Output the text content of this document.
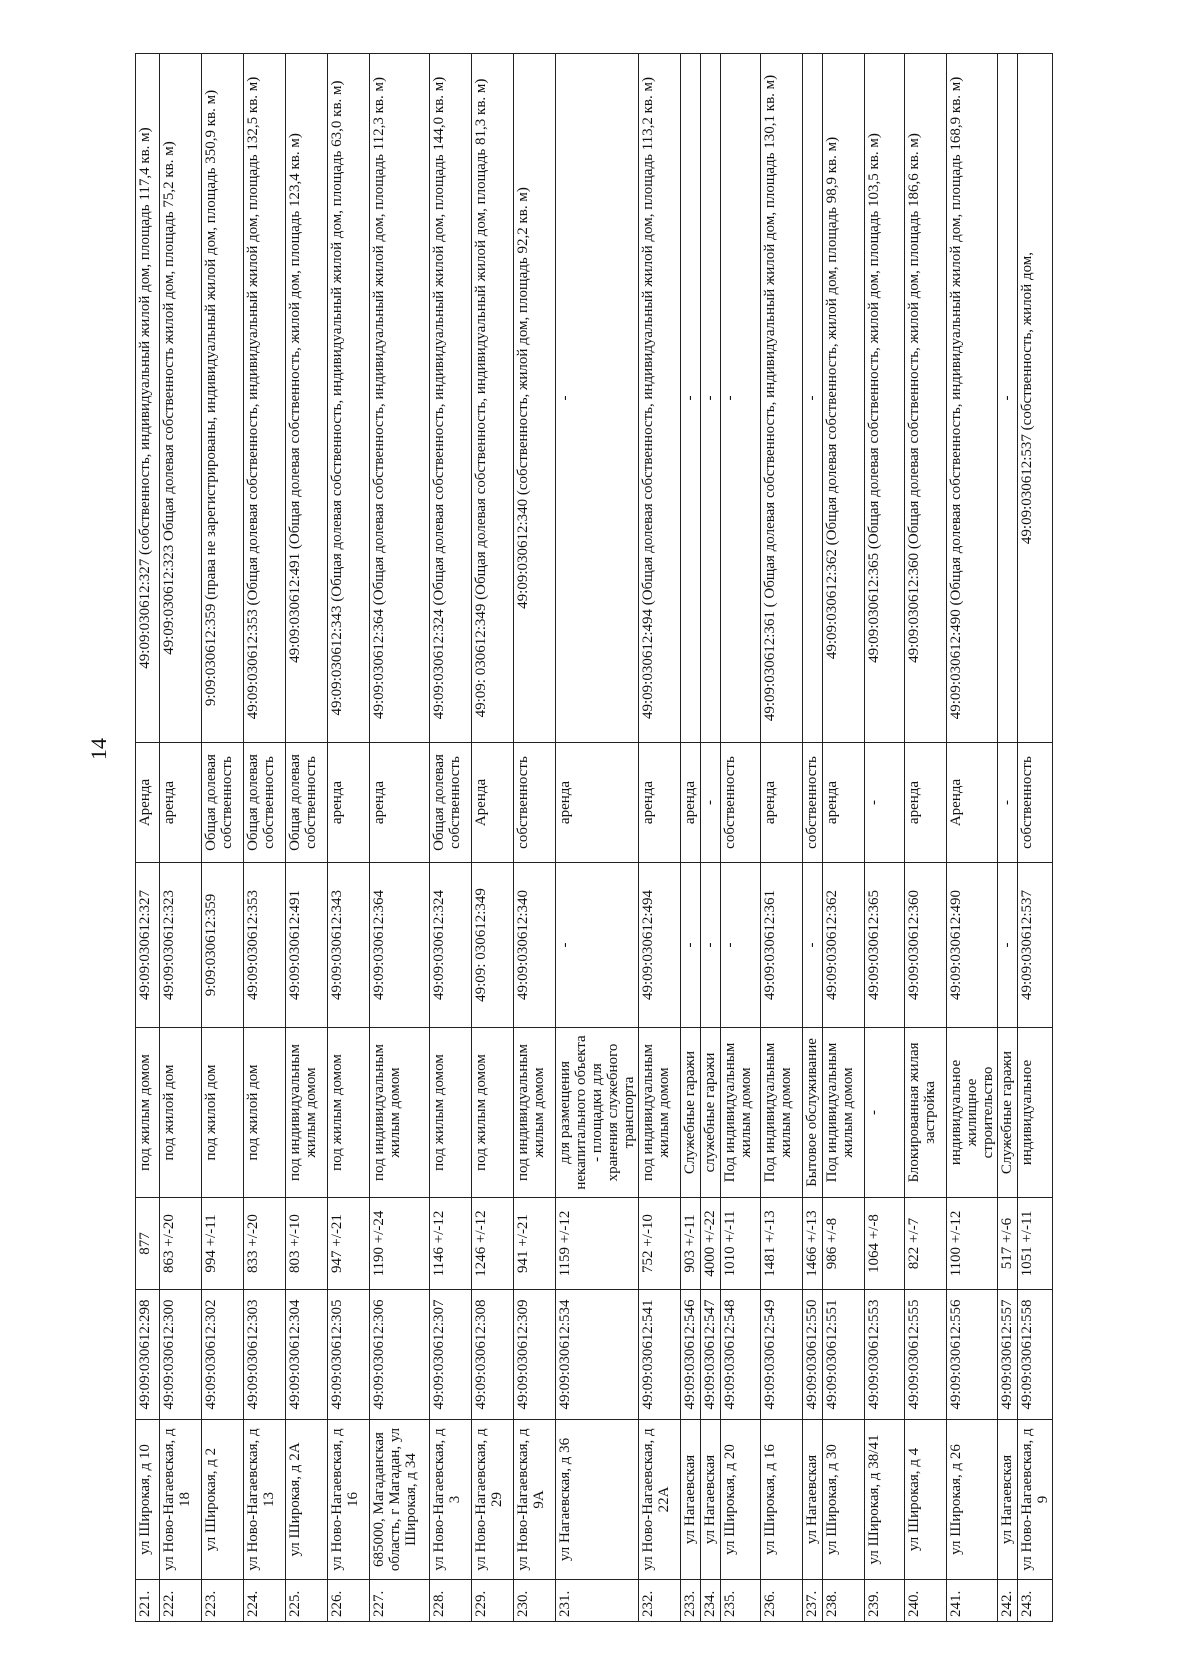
14
221.	ул Широкая, д 10	49:09:030612:298	877	под жилым домом	49:09:030612:327	Аренда	49:09:030612:327 (собственность, индивидуальный жилой дом, площадь 117,4 кв. м)
222.	ул Ново-Нагаевская, д 18	49:09:030612:300	863 +/-20	под жилой дом	49:09:030612:323	аренда	49:09:030612:323 Общая долевая собственность жилой дом, площадь 75,2 кв. м)
223.	ул Широкая, д 2	49:09:030612:302	994 +/-11	под жилой дом	9:09:030612:359	Общая долевая собственность	9:09:030612:359 (права не зарегистрированы, индивидуальный жилой дом, площадь 350,9 кв. м)
224.	ул Ново-Нагаевская, д 13	49:09:030612:303	833 +/-20	под жилой дом	49:09:030612:353	Общая долевая собственность	49:09:030612:353 (Общая долевая собственность, индивидуальный жилой дом, площадь 132,5 кв. м)
225.	ул Широкая, д 2А	49:09:030612:304	803 +/-10	под индивидуальным жилым домом	49:09:030612:491	Общая долевая собственность	49:09:030612:491 (Общая долевая собственность, жилой дом, площадь 123,4 кв. м)
226.	ул Ново-Нагаевская, д 16	49:09:030612:305	947 +/-21	под жилым домом	49:09:030612:343	аренда	49:09:030612:343 (Общая долевая собственность, индивидуальный жилой дом, площадь 63,0 кв. м)
227.	685000, Магаданская область, г Магадан, ул Широкая, д 34	49:09:030612:306	1190 +/-24	под индивидуальным жилым домом	49:09:030612:364	аренда	49:09:030612:364 (Общая долевая собственность, индивидуальный жилой дом, площадь 112,3 кв. м)
228.	ул Ново-Нагаевская, д 3	49:09:030612:307	1146 +/-12	под жилым домом	49:09:030612:324	Общая долевая собственность	49:09:030612:324 (Общая долевая собственность, индивидуальный жилой дом, площадь 144,0 кв. м)
229.	ул Ново-Нагаевская, д 29	49:09:030612:308	1246 +/-12	под жилым домом	49:09: 030612:349	Аренда	49:09: 030612:349 (Общая долевая собственность, индивидуальный жилой дом, площадь 81,3 кв. м)
230.	ул Ново-Нагаевская, д 9А	49:09:030612:309	941 +/-21	под индивидуальным жилым домом	49:09:030612:340	собственность	49:09:030612:340 (собственность, жилой дом, площадь 92,2 кв. м)
231.	ул Нагаевская, д 36	49:09:030612:534	1159 +/-12	для размещения некапитального объекта - площадки для хранения служебного транспорта	-	аренда	-
232.	ул Ново-Нагаевская, д 22А	49:09:030612:541	752 +/-10	под индивидуальным жилым домом	49:09:030612:494	аренда	49:09:030612:494 (Общая долевая собственность, индивидуальный жилой дом, площадь 113,2 кв. м)
233.	ул Нагаевская	49:09:030612:546	903 +/-11	Служебные гаражи	-	аренда	-
234.	ул Нагаевская	49:09:030612:547	4000 +/-22	служебные гаражи	-	-	-
235.	ул Широкая, д 20	49:09:030612:548	1010 +/-11	Под индивидуальным жилым домом	-	собственность	-
236.	ул Широкая, д 16	49:09:030612:549	1481 +/-13	Под индивидуальным жилым домом	49:09:030612:361	аренда	49:09:030612:361 ( Общая долевая собственность, индивидуальный жилой дом, площадь 130,1 кв. м)
237.	ул Нагаевская	49:09:030612:550	1466 +/-13	Бытовое обслуживание	-	собственность	-
238.	ул Широкая, д 30	49:09:030612:551	986 +/-8	Под индивидуальным жилым домом	49:09:030612:362	аренда	49:09:030612:362 (Общая долевая собственность, жилой дом, площадь 98,9 кв. м)
239.	ул Широкая, д 38/41	49:09:030612:553	1064 +/-8	-	49:09:030612:365	-	49:09:030612:365 (Общая долевая собственность, жилой дом, площадь 103,5 кв. м)
240.	ул Широкая, д 4	49:09:030612:555	822 +/-7	Блокированная жилая застройка	49:09:030612:360	аренда	49:09:030612:360 (Общая долевая собственность, жилой дом, площадь 186,6 кв. м)
241.	ул Широкая, д 26	49:09:030612:556	1100 +/-12	индивидуальное жилищное строительство	49:09:030612:490	Аренда	49:09:030612:490 (Общая долевая собственность, индивидуальный жилой дом, площадь 168,9 кв. м)
242.	ул Нагаевская	49:09:030612:557	517 +/-6	Служебные гаражи	-	-	-
243.	ул Ново-Нагаевская, д 9	49:09:030612:558	1051 +/-11	индивидуальное	49:09:030612:537	собственность	49:09:030612:537 (собственность, жилой дом,
